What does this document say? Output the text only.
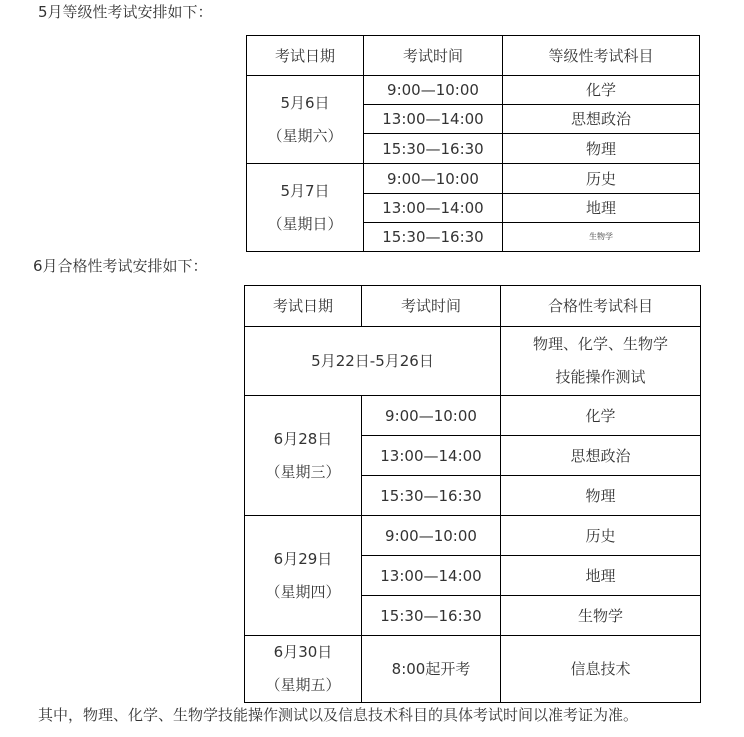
5月等级性考试安排如下：
考试日期	考试时间	等级性考试科目

5月6日
（星期六）	9:00—10:00	化学
	13:00—14:00	思想政治
	15:30—16:30	物理

5月7日
（星期日）	9:00—10:00	历史
	13:00—14:00	地理
	15:30—16:30	生物学
6月合格性考试安排如下：
考试日期	考试时间	合格性考试科目
5月22日-5月26日		物理、化学、生物学
技能操作测试

6月28日
（星期三）	9:00—10:00	化学
	13:00—14:00	思想政治
	15:30—16:30	物理

6月29日
（星期四）	9:00—10:00	历史
	13:00—14:00	地理
	15:30—16:30	生物学

6月30日
（星期五）	8:00起开考	信息技术
其中，物理、化学、生物学技能操作测试以及信息技术科目的具体考试时间以准考证为准。
